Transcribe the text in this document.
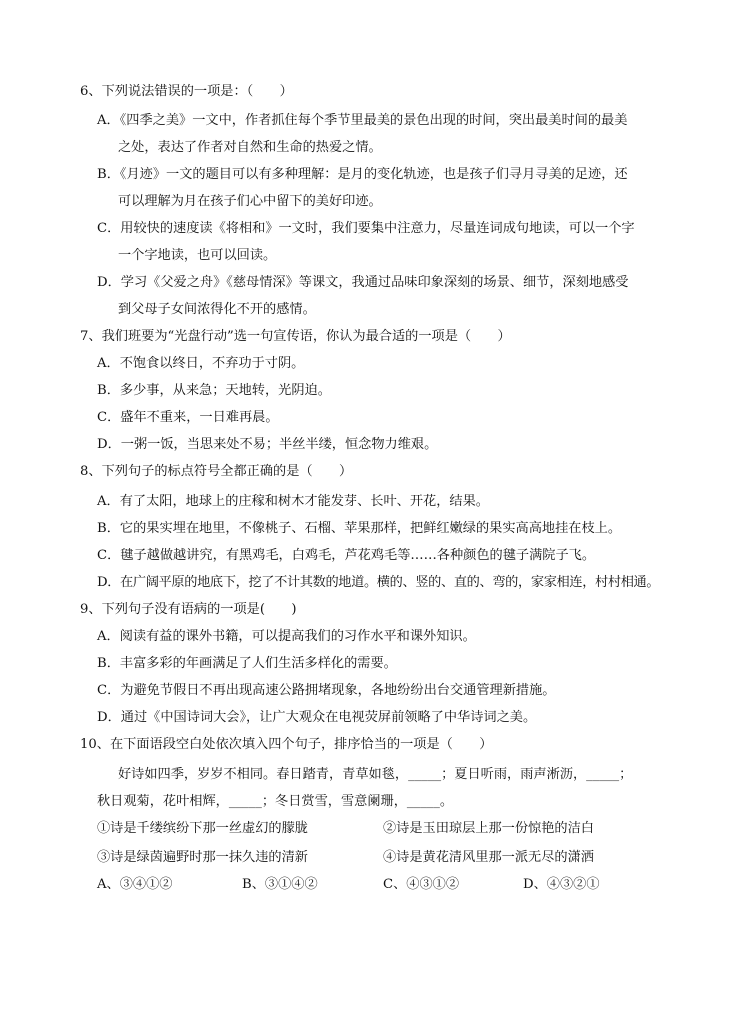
6、下列说法错误的一项是：（　　）
A．《四季之美》一文中，作者抓住每个季节里最美的景色出现的时间，突出最美时间的最美
之处，表达了作者对自然和生命的热爱之情。
B．《月迹》一文的题目可以有多种理解：是月的变化轨迹，也是孩子们寻月寻美的足迹，还
可以理解为月在孩子们心中留下的美好印迹。
C．用较快的速度读《将相和》一文时，我们要集中注意力，尽量连词成句地读，可以一个字
一个字地读，也可以回读。
D．学习《父爱之舟》《慈母情深》等课文，我通过品味印象深刻的场景、细节，深刻地感受
到父母子女间浓得化不开的感情。
7、我们班要为“光盘行动”选一句宣传语，你认为最合适的一项是（　　）
A．不饱食以终日，不弃功于寸阴。
B．多少事，从来急；天地转，光阴迫。
C．盛年不重来，一日难再晨。
D．一粥一饭，当思来处不易；半丝半缕，恒念物力维艰。
8、下列句子的标点符号全都正确的是（　　）
A．有了太阳，地球上的庄稼和树木才能发芽、长叶、开花，结果。
B．它的果实埋在地里，不像桃子、石榴、苹果那样，把鲜红嫩绿的果实高高地挂在枝上。
C．毽子越做越讲究，有黑鸡毛，白鸡毛，芦花鸡毛等……各种颜色的毽子满院子飞。
D．在广阔平原的地底下，挖了不计其数的地道。横的、竖的、直的、弯的，家家相连，村村相通。
9、下列句子没有语病的一项是(　　)
A．阅读有益的课外书籍，可以提高我们的习作水平和课外知识。
B．丰富多彩的年画满足了人们生活多样化的需要。
C．为避免节假日不再出现高速公路拥堵现象，各地纷纷出台交通管理新措施。
D．通过《中国诗词大会》，让广大观众在电视荧屏前领略了中华诗词之美。
10、在下面语段空白处依次填入四个句子，排序恰当的一项是（　　）
好诗如四季，岁岁不相同。春日踏青，青草如毯，_____；夏日听雨，雨声淅沥，_____；
秋日观菊，花叶相辉，_____；冬日赏雪，雪意阑珊，_____。
①诗是千缕缤纷下那一丝虚幻的朦胧	②诗是玉田琼层上那一份惊艳的洁白
③诗是绿茵遍野时那一抹久违的清新	④诗是黄花清风里那一派无尽的潇洒
A、③④①②	B、③①④②	C、④③①②	D、④③②①
